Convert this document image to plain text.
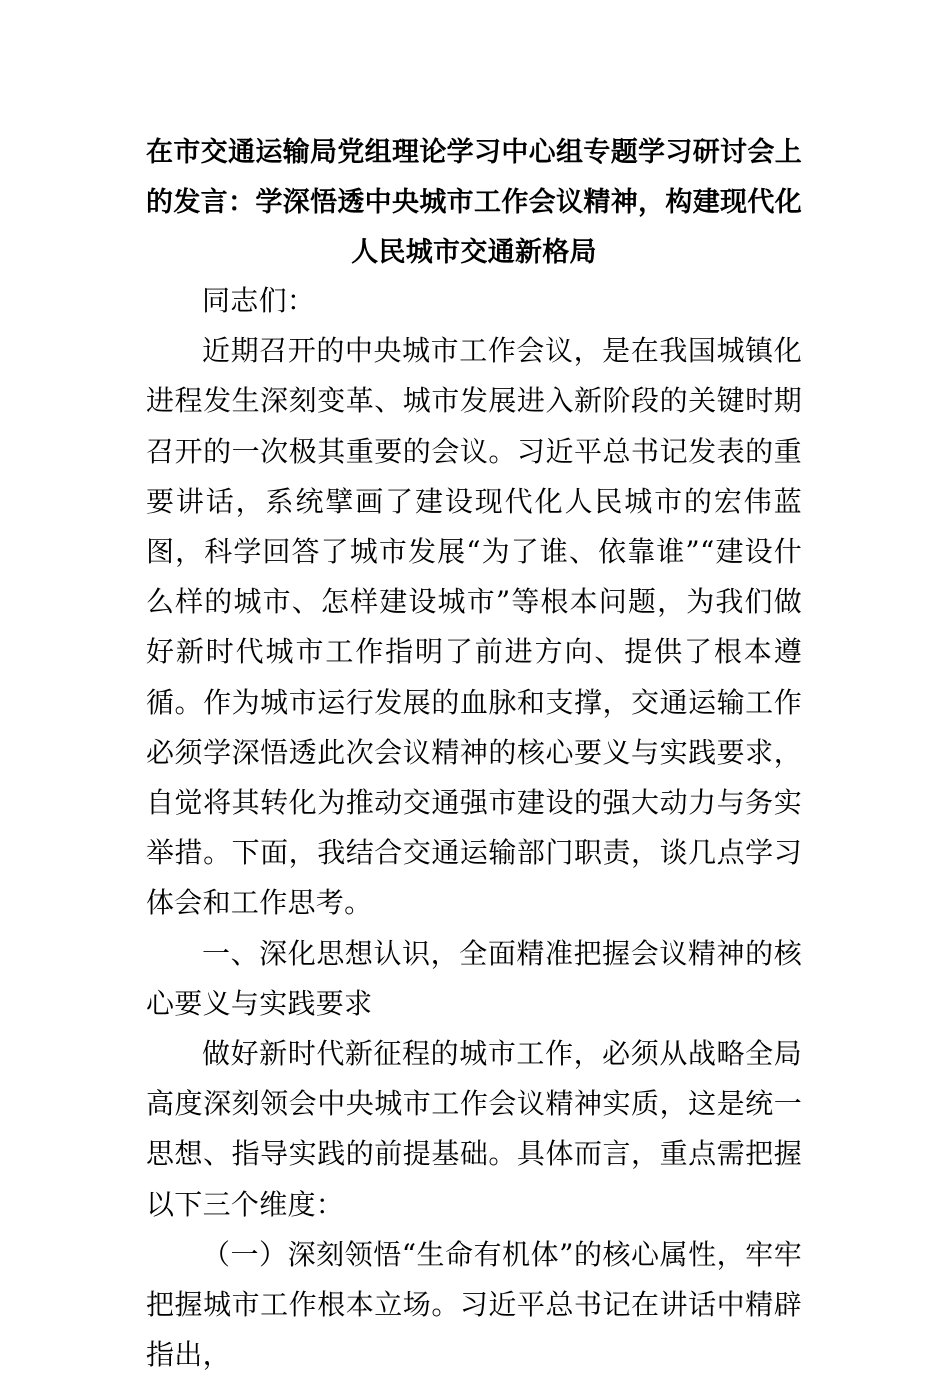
在市交通运输局党组理论学习中心组专题学习研讨会上的发言：学深悟透中央城市工作会议精神，构建现代化人民城市交通新格局

同志们：

近期召开的中央城市工作会议，是在我国城镇化进程发生深刻变革、城市发展进入新阶段的关键时期召开的一次极其重要的会议。习近平总书记发表的重要讲话，系统擘画了建设现代化人民城市的宏伟蓝图，科学回答了城市发展“为了谁、依靠谁”“建设什么样的城市、怎样建设城市”等根本问题，为我们做好新时代城市工作指明了前进方向、提供了根本遵循。作为城市运行发展的血脉和支撑，交通运输工作必须学深悟透此次会议精神的核心要义与实践要求，自觉将其转化为推动交通强市建设的强大动力与务实举措。下面，我结合交通运输部门职责，谈几点学习体会和工作思考。

一、深化思想认识，全面精准把握会议精神的核心要义与实践要求

做好新时代新征程的城市工作，必须从战略全局高度深刻领会中央城市工作会议精神实质，这是统一思想、指导实践的前提基础。具体而言，重点需把握以下三个维度：

（一）深刻领悟“生命有机体”的核心属性，牢牢把握城市工作根本立场。习近平总书记在讲话中精辟指出，
